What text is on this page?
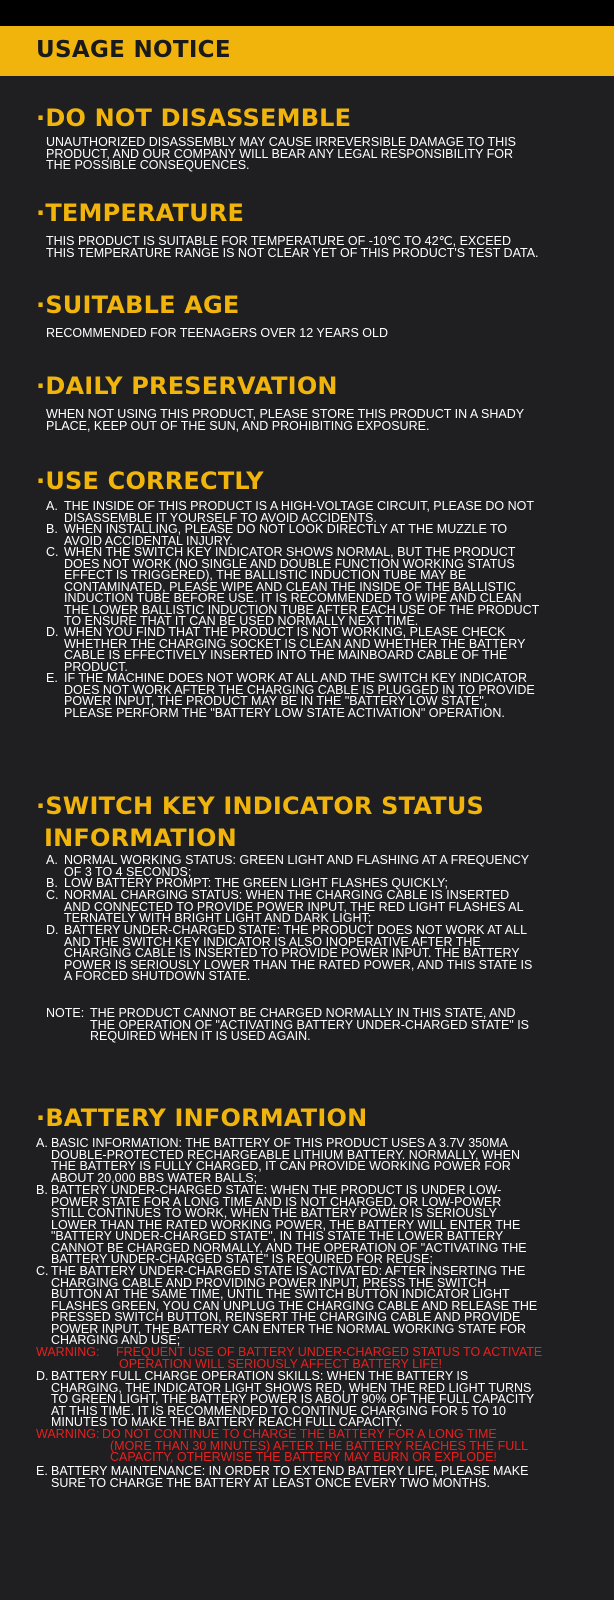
USAGE NOTICE
·DO NOT DISASSEMBLE
UNAUTHORIZED DISASSEMBLY MAY CAUSE IRREVERSIBLE DAMAGE TO THIS
PRODUCT, AND OUR COMPANY WILL BEAR ANY LEGAL RESPONSIBILITY FOR
THE POSSIBLE CONSEQUENCES.
·TEMPERATURE
THIS PRODUCT IS SUITABLE FOR TEMPERATURE OF -10℃ TO 42℃, EXCEED
THIS TEMPERATURE RANGE IS NOT CLEAR YET OF THIS PRODUCT'S TEST DATA.
·SUITABLE AGE
RECOMMENDED FOR TEENAGERS OVER 12 YEARS OLD
·DAILY PRESERVATION
WHEN NOT USING THIS PRODUCT, PLEASE STORE THIS PRODUCT IN A SHADY
PLACE, KEEP OUT OF THE SUN, AND PROHIBITING EXPOSURE.
·USE CORRECTLY
A. THE INSIDE OF THIS PRODUCT IS A HIGH-VOLTAGE CIRCUIT, PLEASE DO NOT
DISASSEMBLE IT YOURSELF TO AVOID ACCIDENTS.
B. WHEN INSTALLING, PLEASE DO NOT LOOK DIRECTLY AT THE MUZZLE TO
AVOID ACCIDENTAL INJURY.
C. WHEN THE SWITCH KEY INDICATOR SHOWS NORMAL, BUT THE PRODUCT
DOES NOT WORK (NO SINGLE AND DOUBLE FUNCTION WORKING STATUS
EFFECT IS TRIGGERED), THE BALLISTIC INDUCTION TUBE MAY BE
CONTAMINATED, PLEASE WIPE AND CLEAN THE INSIDE OF THE BALLISTIC
INDUCTION TUBE BEFORE USE. IT IS RECOMMENDED TO WIPE AND CLEAN
THE LOWER BALLISTIC INDUCTION TUBE AFTER EACH USE OF THE PRODUCT
TO ENSURE THAT IT CAN BE USED NORMALLY NEXT TIME.
D. WHEN YOU FIND THAT THE PRODUCT IS NOT WORKING, PLEASE CHECK
WHETHER THE CHARGING SOCKET IS CLEAN AND WHETHER THE BATTERY
CABLE IS EFFECTIVELY INSERTED INTO THE MAINBOARD CABLE OF THE
PRODUCT.
E. IF THE MACHINE DOES NOT WORK AT ALL AND THE SWITCH KEY INDICATOR
DOES NOT WORK AFTER THE CHARGING CABLE IS PLUGGED IN TO PROVIDE
POWER INPUT, THE PRODUCT MAY BE IN THE "BATTERY LOW STATE",
PLEASE PERFORM THE "BATTERY LOW STATE ACTIVATION" OPERATION.
·SWITCH KEY INDICATOR STATUS
INFORMATION
A. NORMAL WORKING STATUS: GREEN LIGHT AND FLASHING AT A FREQUENCY
OF 3 TO 4 SECONDS;
B. LOW BATTERY PROMPT: THE GREEN LIGHT FLASHES QUICKLY;
C. NORMAL CHARGING STATUS: WHEN THE CHARGING CABLE IS INSERTED
AND CONNECTED TO PROVIDE POWER INPUT, THE RED LIGHT FLASHES AL
TERNATELY WITH BRIGHT LIGHT AND DARK LIGHT;
D. BATTERY UNDER-CHARGED STATE: THE PRODUCT DOES NOT WORK AT ALL
AND THE SWITCH KEY INDICATOR IS ALSO INOPERATIVE AFTER THE
CHARGING CABLE IS INSERTED TO PROVIDE POWER INPUT. THE BATTERY
POWER IS SERIOUSLY LOWER THAN THE RATED POWER, AND THIS STATE IS
A FORCED SHUTDOWN STATE.
NOTE: THE PRODUCT CANNOT BE CHARGED NORMALLY IN THIS STATE, AND
THE OPERATION OF "ACTIVATING BATTERY UNDER-CHARGED STATE" IS
REQUIRED WHEN IT IS USED AGAIN.
·BATTERY INFORMATION
A. BASIC INFORMATION: THE BATTERY OF THIS PRODUCT USES A 3.7V 350MA
DOUBLE-PROTECTED RECHARGEABLE LITHIUM BATTERY. NORMALLY, WHEN
THE BATTERY IS FULLY CHARGED, IT CAN PROVIDE WORKING POWER FOR
ABOUT 20,000 BBS WATER BALLS;
B. BATTERY UNDER-CHARGED STATE: WHEN THE PRODUCT IS UNDER LOW-
POWER STATE FOR A LONG TIME AND IS NOT CHARGED, OR LOW-POWER
STILL CONTINUES TO WORK, WHEN THE BATTERY POWER IS SERIOUSLY
LOWER THAN THE RATED WORKING POWER, THE BATTERY WILL ENTER THE
"BATTERY UNDER-CHARGED STATE", IN THIS STATE THE LOWER BATTERY
CANNOT BE CHARGED NORMALLY, AND THE OPERATION OF "ACTIVATING THE
BATTERY UNDER-CHARGED STATE" IS REQUIRED FOR REUSE;
C. THE BATTERY UNDER-CHARGED STATE IS ACTIVATED: AFTER INSERTING THE
CHARGING CABLE AND PROVIDING POWER INPUT, PRESS THE SWITCH
BUTTON AT THE SAME TIME, UNTIL THE SWITCH BUTTON INDICATOR LIGHT
FLASHES GREEN, YOU CAN UNPLUG THE CHARGING CABLE AND RELEASE THE
PRESSED SWITCH BUTTON, REINSERT THE CHARGING CABLE AND PROVIDE
POWER INPUT, THE BATTERY CAN ENTER THE NORMAL WORKING STATE FOR
CHARGING AND USE;
WARNING: FREQUENT USE OF BATTERY UNDER-CHARGED STATUS TO ACTIVATE
OPERATION WILL SERIOUSLY AFFECT BATTERY LIFE!
D. BATTERY FULL CHARGE OPERATION SKILLS: WHEN THE BATTERY IS
CHARGING, THE INDICATOR LIGHT SHOWS RED, WHEN THE RED LIGHT TURNS
TO GREEN LIGHT, THE BATTERY POWER IS ABOUT 90% OF THE FULL CAPACITY
AT THIS TIME. IT IS RECOMMENDED TO CONTINUE CHARGING FOR 5 TO 10
MINUTES TO MAKE THE BATTERY REACH FULL CAPACITY.
WARNING: DO NOT CONTINUE TO CHARGE THE BATTERY FOR A LONG TIME
(MORE THAN 30 MINUTES) AFTER THE BATTERY REACHES THE FULL
CAPACITY, OTHERWISE THE BATTERY MAY BURN OR EXPLODE!
E. BATTERY MAINTENANCE: IN ORDER TO EXTEND BATTERY LIFE, PLEASE MAKE
SURE TO CHARGE THE BATTERY AT LEAST ONCE EVERY TWO MONTHS.
